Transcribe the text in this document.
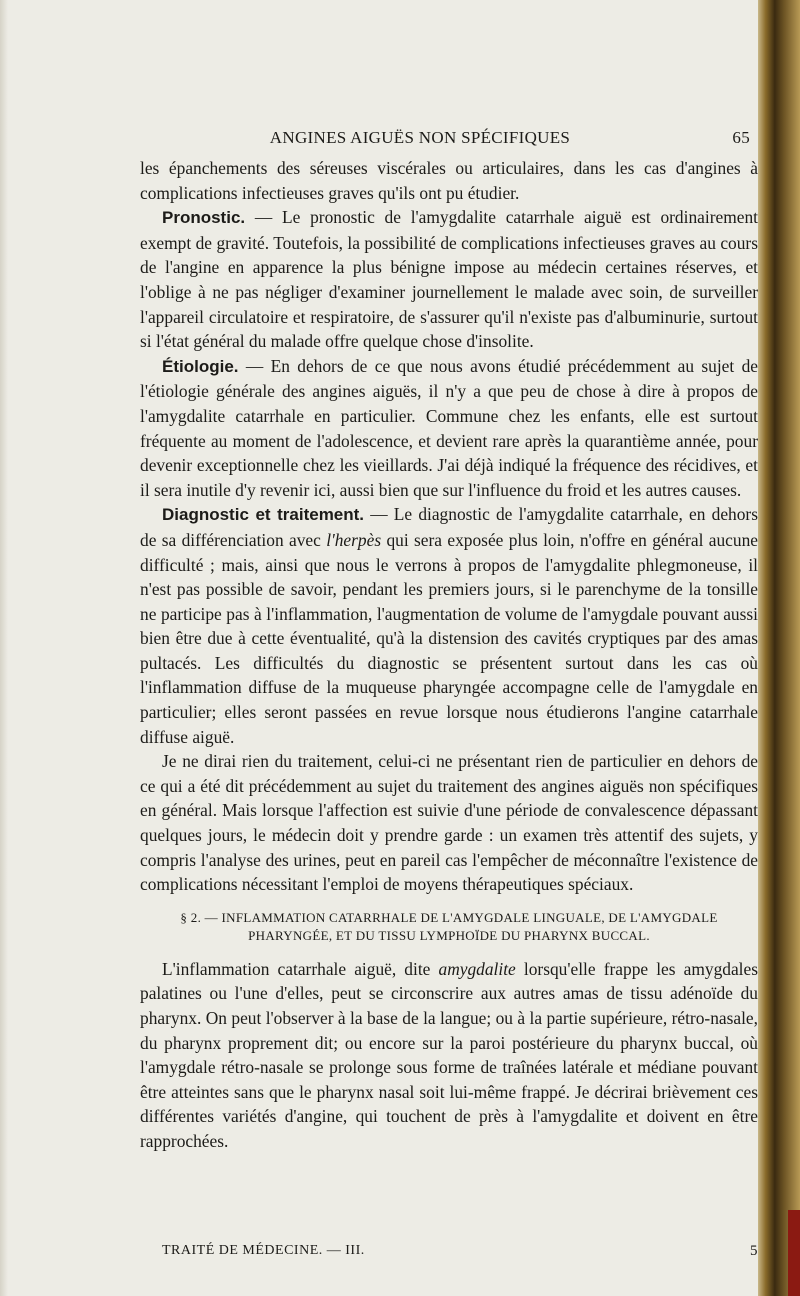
ANGINES AIGUËS NON SPÉCIFIQUES	65

les épanchements des séreuses viscérales ou articulaires, dans les cas d'angines à complications infectieuses graves qu'ils ont pu étudier.

Pronostic. — Le pronostic de l'amygdalite catarrhale aiguë est ordinairement exempt de gravité. Toutefois, la possibilité de complications infectieuses graves au cours de l'angine en apparence la plus bénigne impose au médecin certaines réserves, et l'oblige à ne pas négliger d'examiner journellement le malade avec soin, de surveiller l'appareil circulatoire et respiratoire, de s'assurer qu'il n'existe pas d'albuminurie, surtout si l'état général du malade offre quelque chose d'insolite.

Étiologie. — En dehors de ce que nous avons étudié précédemment au sujet de l'étiologie générale des angines aiguës, il n'y a que peu de chose à dire à propos de l'amygdalite catarrhale en particulier. Commune chez les enfants, elle est surtout fréquente au moment de l'adolescence, et devient rare après la quarantième année, pour devenir exceptionnelle chez les vieillards. J'ai déjà indiqué la fréquence des récidives, et il sera inutile d'y revenir ici, aussi bien que sur l'influence du froid et les autres causes.

Diagnostic et traitement. — Le diagnostic de l'amygdalite catarrhale, en dehors de sa différenciation avec l'herpès qui sera exposée plus loin, n'offre en général aucune difficulté ; mais, ainsi que nous le verrons à propos de l'amygdalite phlegmoneuse, il n'est pas possible de savoir, pendant les premiers jours, si le parenchyme de la tonsille ne participe pas à l'inflammation, l'augmentation de volume de l'amygdale pouvant aussi bien être due à cette éventualité, qu'à la distension des cavités cryptiques par des amas pultacés. Les difficultés du diagnostic se présentent surtout dans les cas où l'inflammation diffuse de la muqueuse pharyngée accompagne celle de l'amygdale en particulier; elles seront passées en revue lorsque nous étudierons l'angine catarrhale diffuse aiguë.

Je ne dirai rien du traitement, celui-ci ne présentant rien de particulier en dehors de ce qui a été dit précédemment au sujet du traitement des angines aiguës non spécifiques en général. Mais lorsque l'affection est suivie d'une période de convalescence dépassant quelques jours, le médecin doit y prendre garde : un examen très attentif des sujets, y compris l'analyse des urines, peut en pareil cas l'empêcher de méconnaître l'existence de complications nécessitant l'emploi de moyens thérapeutiques spéciaux.

§ 2. — INFLAMMATION CATARRHALE DE L'AMYGDALE LINGUALE, DE L'AMYGDALE
PHARYNGÉE, ET DU TISSU LYMPHOÏDE DU PHARYNX BUCCAL.

L'inflammation catarrhale aiguë, dite amygdalite lorsqu'elle frappe les amygdales palatines ou l'une d'elles, peut se circonscrire aux autres amas de tissu adénoïde du pharynx. On peut l'observer à la base de la langue; ou à la partie supérieure, rétro-nasale, du pharynx proprement dit; ou encore sur la paroi postérieure du pharynx buccal, où l'amygdale rétro-nasale se prolonge sous forme de traînées latérale et médiane pouvant être atteintes sans que le pharynx nasal soit lui-même frappé. Je décrirai brièvement ces différentes variétés d'angine, qui touchent de près à l'amygdalite et doivent en être rapprochées.

TRAITÉ DE MÉDECINE. — III.	5
